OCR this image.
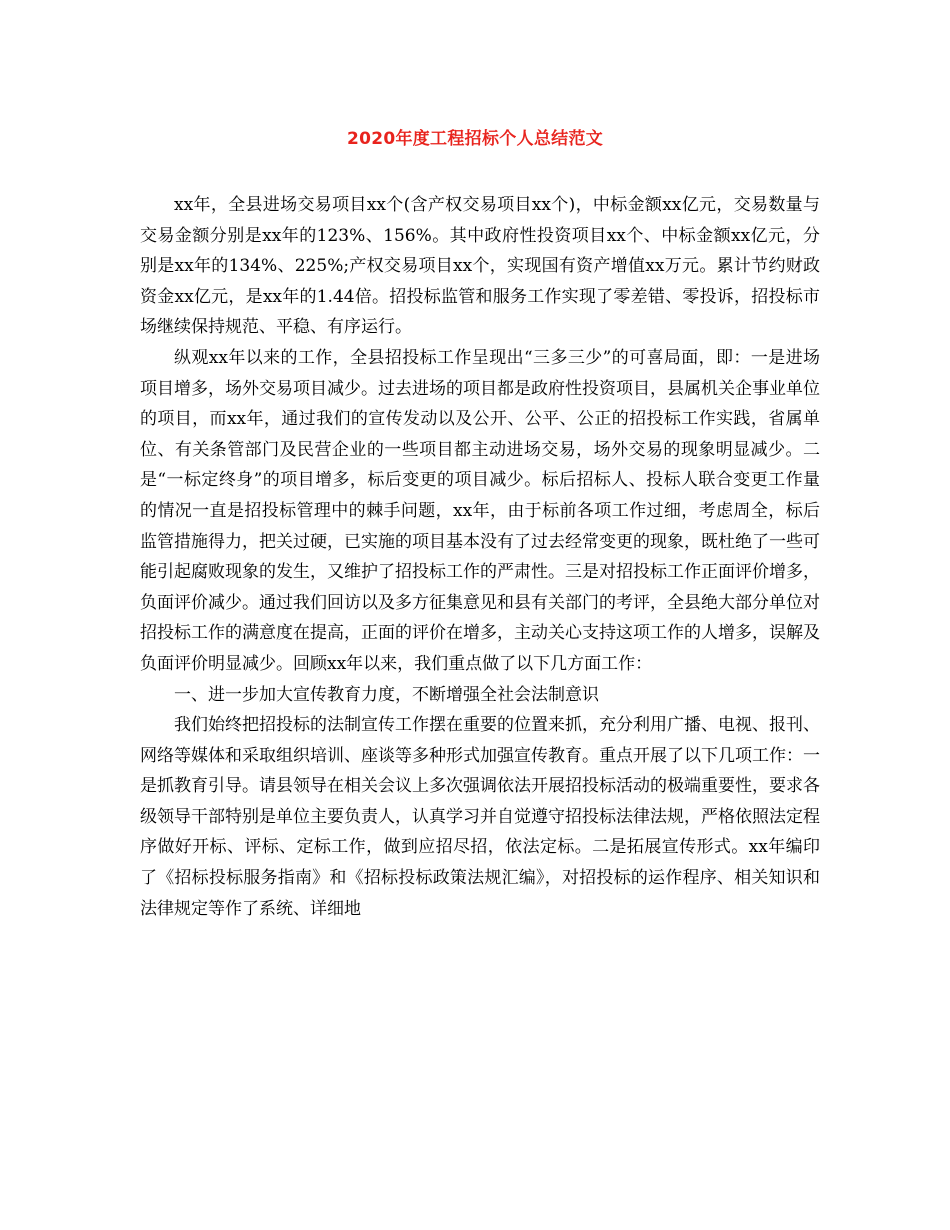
2020年度工程招标个人总结范文

xx年，全县进场交易项目xx个(含产权交易项目xx个)，中标金额xx亿元，交易数量与交易金额分别是xx年的123%、156%。其中政府性投资项目xx个、中标金额xx亿元，分别是xx年的134%、225%;产权交易项目xx个，实现国有资产增值xx万元。累计节约财政资金xx亿元，是xx年的1.44倍。招投标监管和服务工作实现了零差错、零投诉，招投标市场继续保持规范、平稳、有序运行。

纵观xx年以来的工作，全县招投标工作呈现出“三多三少”的可喜局面，即：一是进场项目增多，场外交易项目减少。过去进场的项目都是政府性投资项目，县属机关企事业单位的项目，而xx年，通过我们的宣传发动以及公开、公平、公正的招投标工作实践，省属单位、有关条管部门及民营企业的一些项目都主动进场交易，场外交易的现象明显减少。二是“一标定终身”的项目增多，标后变更的项目减少。标后招标人、投标人联合变更工作量的情况一直是招投标管理中的棘手问题，xx年，由于标前各项工作过细，考虑周全，标后监管措施得力，把关过硬，已实施的项目基本没有了过去经常变更的现象，既杜绝了一些可能引起腐败现象的发生，又维护了招投标工作的严肃性。三是对招投标工作正面评价增多，负面评价减少。通过我们回访以及多方征集意见和县有关部门的考评，全县绝大部分单位对招投标工作的满意度在提高，正面的评价在增多，主动关心支持这项工作的人增多，误解及负面评价明显减少。回顾xx年以来，我们重点做了以下几方面工作：

一、进一步加大宣传教育力度，不断增强全社会法制意识

我们始终把招投标的法制宣传工作摆在重要的位置来抓，充分利用广播、电视、报刊、网络等媒体和采取组织培训、座谈等多种形式加强宣传教育。重点开展了以下几项工作：一是抓教育引导。请县领导在相关会议上多次强调依法开展招投标活动的极端重要性，要求各级领导干部特别是单位主要负责人，认真学习并自觉遵守招投标法律法规，严格依照法定程序做好开标、评标、定标工作，做到应招尽招，依法定标。二是拓展宣传形式。xx年编印了《招标投标服务指南》和《招标投标政策法规汇编》，对招投标的运作程序、相关知识和法律规定等作了系统、详细地
